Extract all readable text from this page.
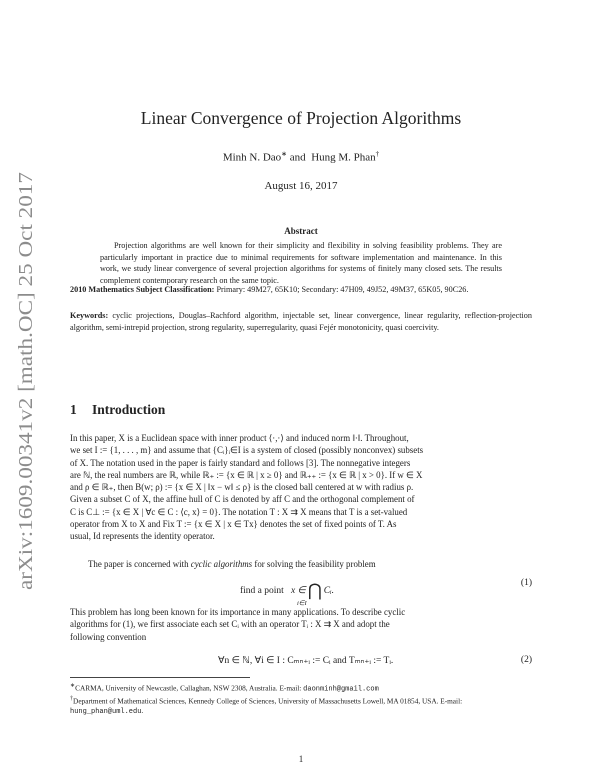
arXiv:1609.00341v2 [math.OC] 25 Oct 2017
Linear Convergence of Projection Algorithms
Minh N. Dao∗ and Hung M. Phan†
August 16, 2017
Abstract
Projection algorithms are well known for their simplicity and flexibility in solving feasibility problems. They are particularly important in practice due to minimal requirements for software implementation and maintenance. In this work, we study linear convergence of several projection algorithms for systems of finitely many closed sets. The results complement contemporary research on the same topic.
2010 Mathematics Subject Classification: Primary: 49M27, 65K10; Secondary: 47H09, 49J52, 49M37, 65K05, 90C26.
Keywords: cyclic projections, Douglas–Rachford algorithm, injectable set, linear convergence, linear regularity, reflection-projection algorithm, semi-intrepid projection, strong regularity, superregularity, quasi Fejér monotonicity, quasi coercivity.
1 Introduction
In this paper, X is a Euclidean space with inner product ⟨·,·⟩ and induced norm ‖·‖. Throughout,
we set I := {1, . . . , m} and assume that {Cᵢ}ᵢ∈I is a system of closed (possibly nonconvex) subsets
of X. The notation used in the paper is fairly standard and follows [3]. The nonnegative integers
are ℕ, the real numbers are ℝ, while ℝ₊ := {x ∈ ℝ | x ≥ 0} and ℝ₊₊ := {x ∈ ℝ | x > 0}. If w ∈ X
and ρ ∈ ℝ₊, then B(w; ρ) := {x ∈ X | ‖x − w‖ ≤ ρ} is the closed ball centered at w with radius ρ.
Given a subset C of X, the affine hull of C is denoted by aff C and the orthogonal complement of
C is C⊥ := {x ∈ X | ∀c ∈ C : ⟨c, x⟩ = 0}. The notation T : X ⇉ X means that T is a set-valued
operator from X to X and Fix T := {x ∈ X | x ∈ Tx} denotes the set of fixed points of T. As
usual, Id represents the identity operator.
The paper is concerned with cyclic algorithms for solving the feasibility problem
find a point x ∈ ⋂ Cᵢ.
i∈I
(1)
This problem has long been known for its importance in many applications. To describe cyclic
algorithms for (1), we first associate each set Cᵢ with an operator Tᵢ : X ⇉ X and adopt the
following convention
∀n ∈ ℕ, ∀i ∈ I : Cₘₙ₊ᵢ := Cᵢ and Tₘₙ₊ᵢ := Tᵢ.	(2)
∗CARMA, University of Newcastle, Callaghan, NSW 2308, Australia. E-mail: daonminh@gmail.com
†Department of Mathematical Sciences, Kennedy College of Sciences, University of Massachusetts Lowell, MA 01854, USA. E-mail: hung_phan@uml.edu.
1
